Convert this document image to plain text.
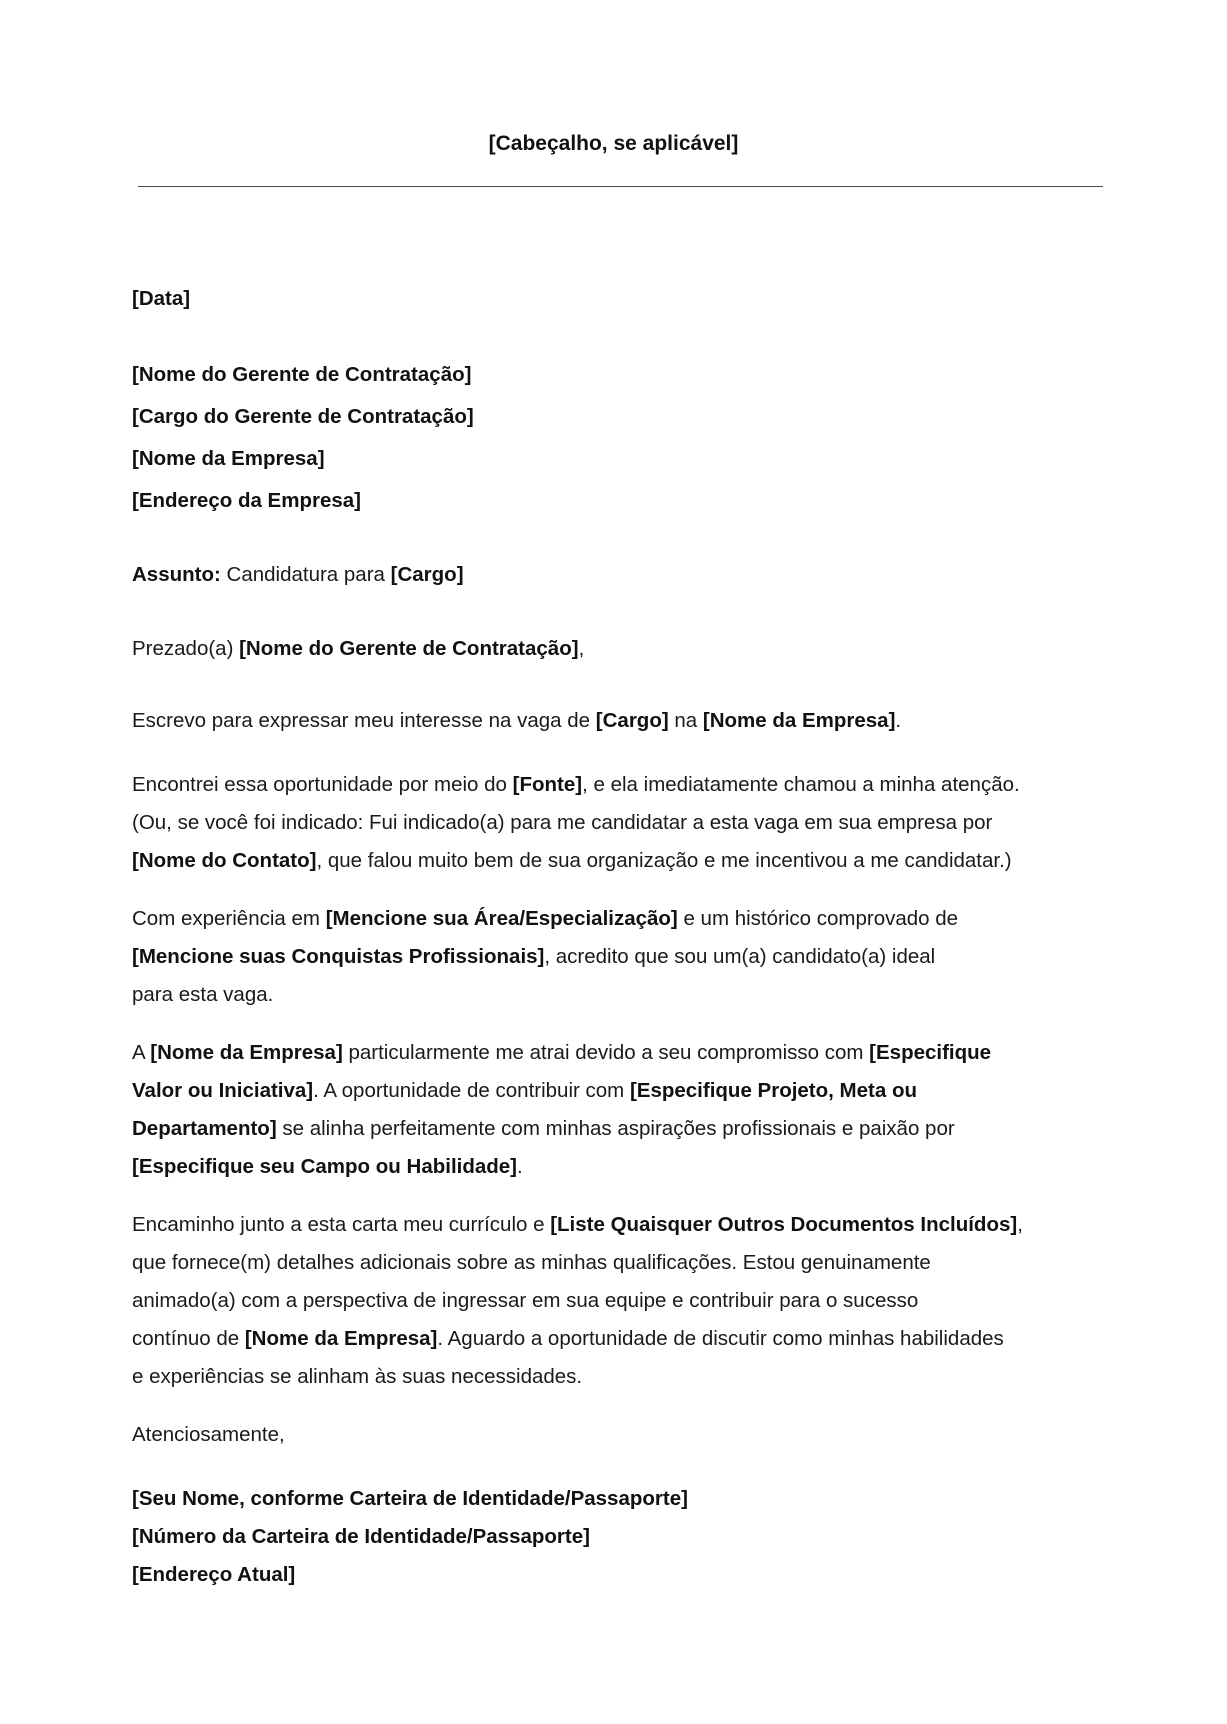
[Cabeçalho, se aplicável]
[Data]
[Nome do Gerente de Contratação]
[Cargo do Gerente de Contratação]
[Nome da Empresa]
[Endereço da Empresa]
Assunto: Candidatura para [Cargo]
Prezado(a) [Nome do Gerente de Contratação],
Escrevo para expressar meu interesse na vaga de [Cargo] na [Nome da Empresa].
Encontrei essa oportunidade por meio do [Fonte], e ela imediatamente chamou a minha atenção.
(Ou, se você foi indicado: Fui indicado(a) para me candidatar a esta vaga em sua empresa por
[Nome do Contato], que falou muito bem de sua organização e me incentivou a me candidatar.)
Com experiência em [Mencione sua Área/Especialização] e um histórico comprovado de
[Mencione suas Conquistas Profissionais], acredito que sou um(a) candidato(a) ideal
para esta vaga.
A [Nome da Empresa] particularmente me atrai devido a seu compromisso com [Especifique
Valor ou Iniciativa]. A oportunidade de contribuir com [Especifique Projeto, Meta ou
Departamento] se alinha perfeitamente com minhas aspirações profissionais e paixão por
[Especifique seu Campo ou Habilidade].
Encaminho junto a esta carta meu currículo e [Liste Quaisquer Outros Documentos Incluídos],
que fornece(m) detalhes adicionais sobre as minhas qualificações. Estou genuinamente
animado(a) com a perspectiva de ingressar em sua equipe e contribuir para o sucesso
contínuo de [Nome da Empresa]. Aguardo a oportunidade de discutir como minhas habilidades
e experiências se alinham às suas necessidades.
Atenciosamente,
[Seu Nome, conforme Carteira de Identidade/Passaporte]
[Número da Carteira de Identidade/Passaporte]
[Endereço Atual]
